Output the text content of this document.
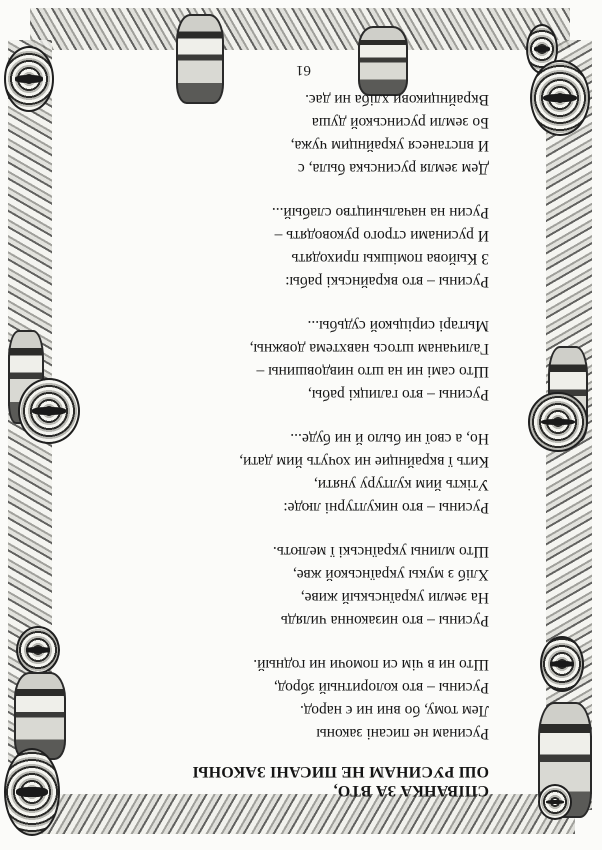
СПІВАНКА ЗА ВТО,
ОШ РУСИНАМ НЕ ПИСАНІ ЗАКОНЫ
Русинам не писані законы
Лем тому, бо вни ни є народ.
Русины – вто колоритный зброд,
Што ни в чім си помочи ни годный.
Русины – вто низаконна чилядь
На земли українськый живе,
Хліб з мукы українськой жве,
Што млины українські ї мелють.
Русины – вто никултурні люде:
Утікть йим културу уняти,
Кить ї вкрайнцие ни хочуть йим дати,
Но, а свої ни было й ни буде...
Русины – вто галицкі рабы,
Што самі ни на што нивдовшины –
Галичанам штось навхтема довжны,
Мытарі сиріцькой судьбы...
Русины – вто вкрайнські рабы:
З Кыйова помішкы приходять
И русинами строго руководять –
Русин на начальництво слабый...
Дем земля русинська была, с
И впстанеся украйнцим чужа,
Бо земли русинськой душа
Вкрайнцикови хліба ни дає.
61
